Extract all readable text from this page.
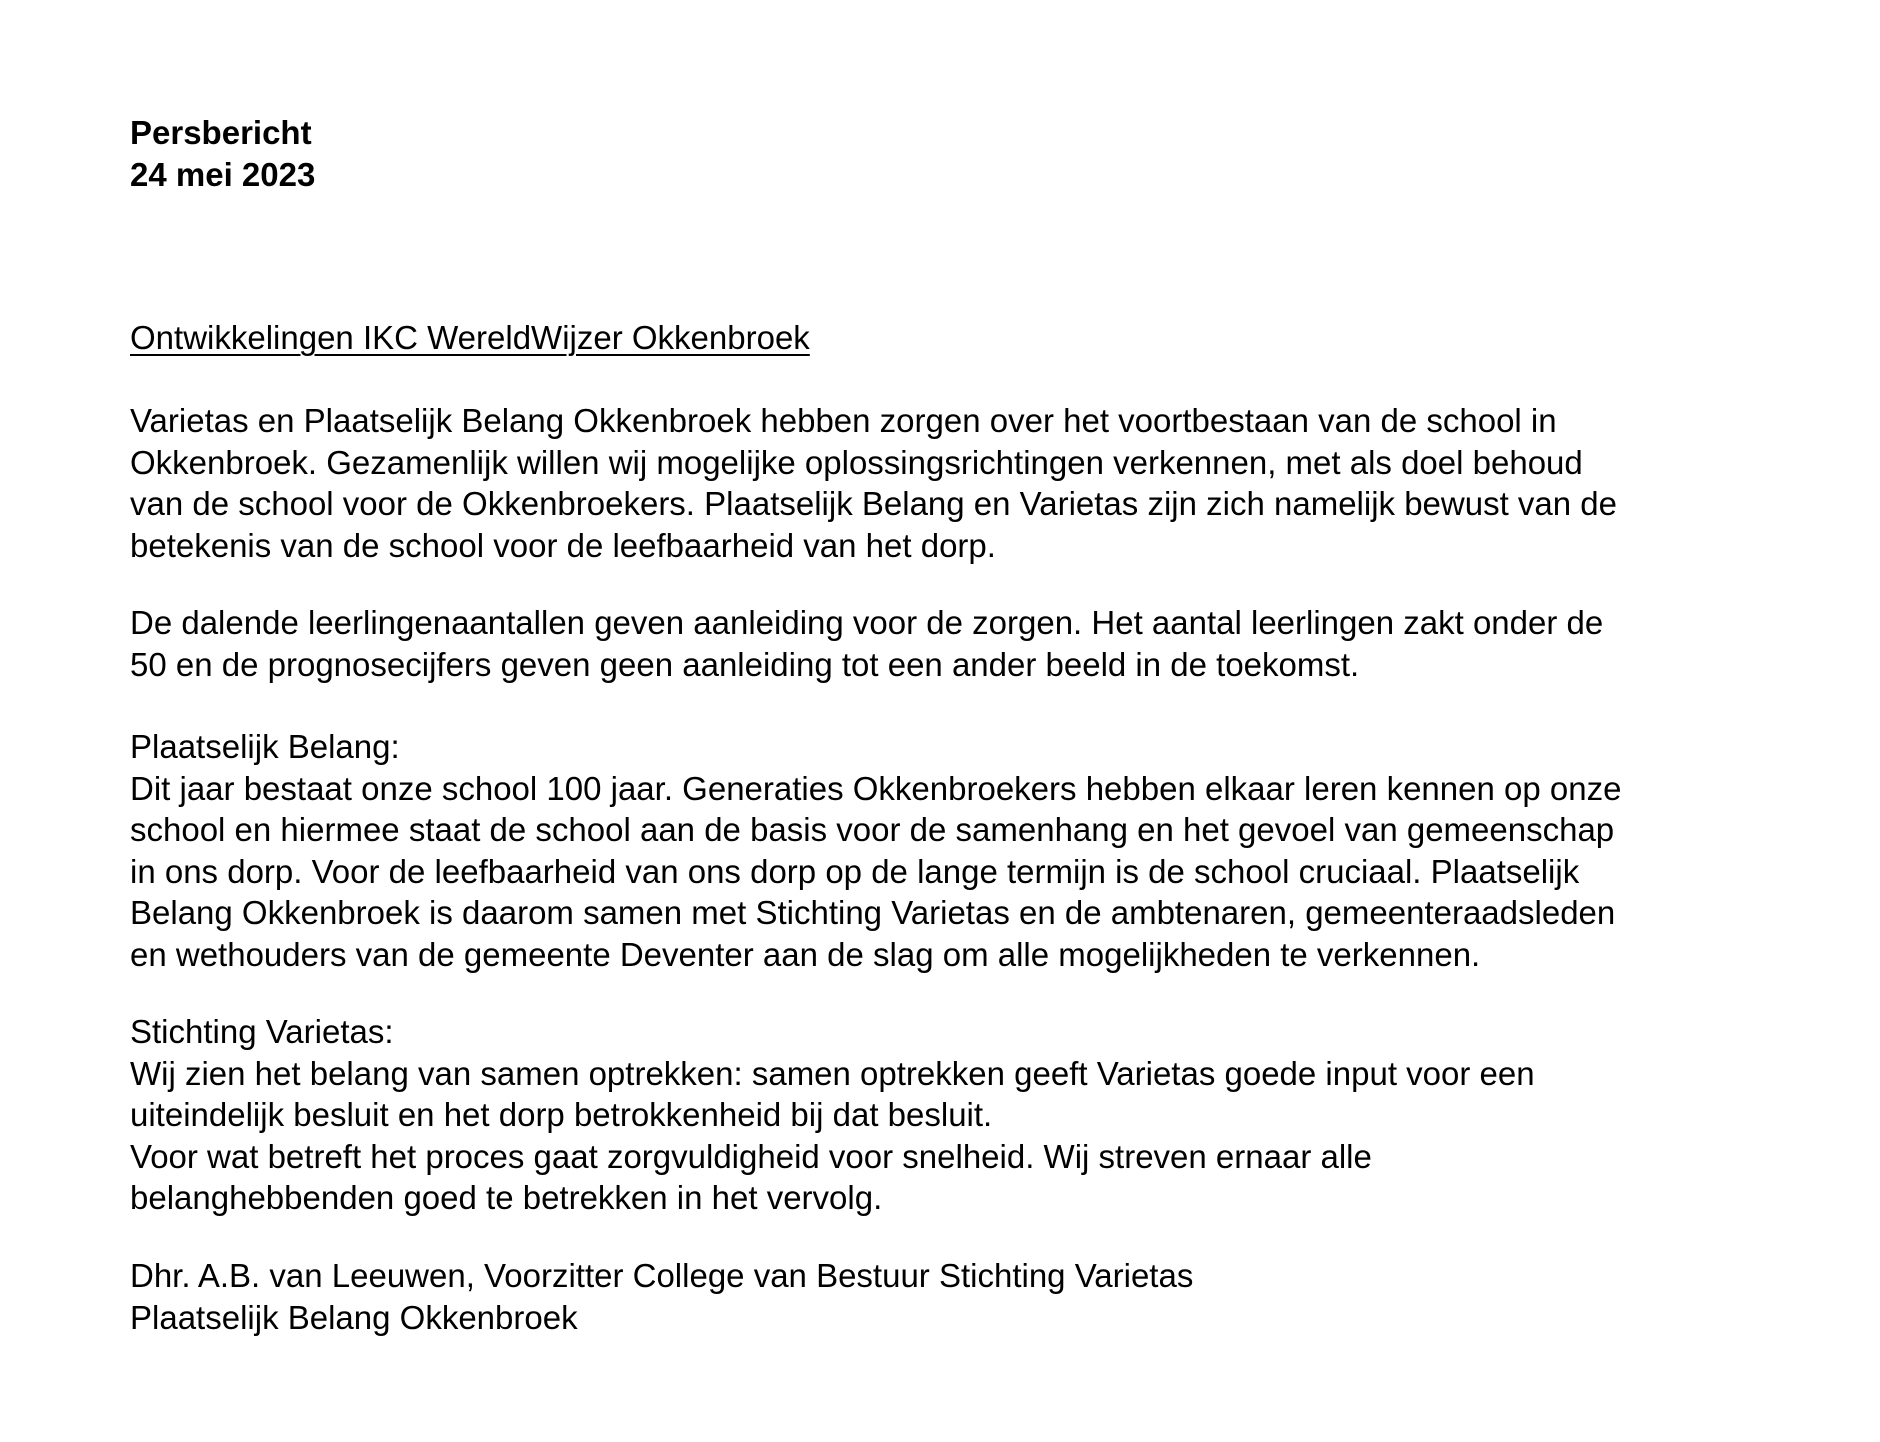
Persbericht

24 mei 2023

Ontwikkelingen IKC WereldWijzer Okkenbroek

Varietas en Plaatselijk Belang Okkenbroek hebben zorgen over het voortbestaan van de school in
Okkenbroek. Gezamenlijk willen wij mogelijke oplossingsrichtingen verkennen, met als doel behoud
van de school voor de Okkenbroekers. Plaatselijk Belang en Varietas zijn zich namelijk bewust van de
betekenis van de school voor de leefbaarheid van het dorp.
De dalende leerlingenaantallen geven aanleiding voor de zorgen. Het aantal leerlingen zakt onder de
50 en de prognosecijfers geven geen aanleiding tot een ander beeld in de toekomst.
Plaatselijk Belang:
Dit jaar bestaat onze school 100 jaar. Generaties Okkenbroekers hebben elkaar leren kennen op onze
school en hiermee staat de school aan de basis voor de samenhang en het gevoel van gemeenschap
in ons dorp. Voor de leefbaarheid van ons dorp op de lange termijn is de school cruciaal. Plaatselijk
Belang Okkenbroek is daarom samen met Stichting Varietas en de ambtenaren, gemeenteraadsleden
en wethouders van de gemeente Deventer aan de slag om alle mogelijkheden te verkennen.
Stichting Varietas:
Wij zien het belang van samen optrekken: samen optrekken geeft Varietas goede input voor een
uiteindelijk besluit en het dorp betrokkenheid bij dat besluit.
Voor wat betreft het proces gaat zorgvuldigheid voor snelheid. Wij streven ernaar alle
belanghebbenden goed te betrekken in het vervolg.
Dhr. A.B. van Leeuwen, Voorzitter College van Bestuur Stichting Varietas
Plaatselijk Belang Okkenbroek
